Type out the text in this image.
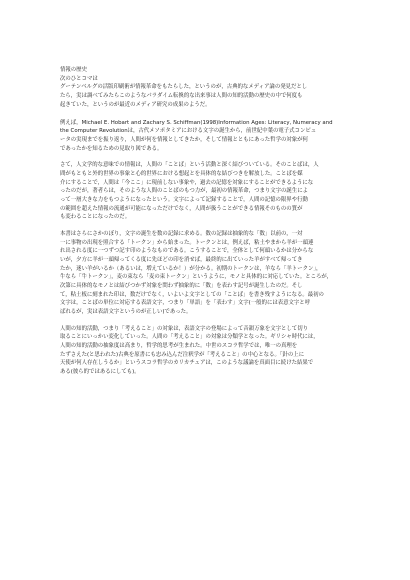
情報の歴史
次のひとコマは
グーテンベルグの活版印刷術が情報革命をもたらした，というのが，古典的なメディア論の発見だとし
たら，実は調べてみたらこのようなパラダイム転換的な出来事は人間の知的活動の歴史の中で何度も
起きていた，というのが最近のメディア研究の成果のようだ。
例えば，Michael E. Hobart and Zachary S. Schiffman(1998)Information Ages: Literacy, Numeracy and
the Computer Revolutionは，古代メソポタミアにおける文字の誕生から，前世紀中葉の電子式コンピュ
ータの実現までを振り返り，人間が何を情報としてきたか，そして情報とともにあった哲学の対象が何
であったかを知るための見取り図である。
さて，人文学的な意味での情報は，人間の「ことば」という活動と深く結びついている。そのことばは，人
間がもともと外的世界の事象と心的世界における想起とを具体的な結びつきを解放した。ことばを媒
介にすることで，人間は「今ここ」に現前しない事象や，過去の記憶を対象にすることができるようにな
ったのだが，著者らは，そのような人間のことばのもつ力が，最初の情報革命，つまり文字の誕生によ
って一層大きな力をもつようになったという。文字によって記録することで，人間の記憶の限界や行動
の範囲を超えた情報の流通が可能になっただけでなく，人間が扱うことができる情報そのものの質が
も変わることになったのだ。
本書はさらにさかのぼり，文字の誕生を数の記録に求める。数の記録は抽象的な「数」以前の，一対
一に事物の出現を照合する「トークン」から始まった。トークンとは，例えば，粘土やまから羊が一頭連
れ出される度に一つずつ記す印のようなものである。こうすることで，全体として何頭いるかは分からな
いが，夕方に羊が一頭帰ってくる度に先ほどの印を消せば，最終的に出ていった羊がすべて帰ってき
たか，迷い羊がいるか（あるいは，増えているか！）が分かる。初期のトークンは，羊なら「羊トークン」，
牛なら「牛トークン」，麦の束なら「麦の束トークン」というように，モノと具体的に対応していた。ところが，
次第に具体的なモノとは結びつかず対象を問わず抽象的に「数」を表わす記号が誕生したのだ。そし
て，粘土板に刻まれた印は，数だけでなく，いよいよ文字としての「ことば」を書き残すようになる。最初の
文字は，ことばの単位に対応する表語文字，つまり「単語」を「表わす」文字(一般的には表意文字と呼
ばれるが，実は表語文字というのが正しい)であった。
人間の知的活動，つまり「考えること」の対象は，表語文字の登場によって音韻万象を文字として切り
取ることにいっかい変化していった。人間の「考えること」の対象は分類学となった。ギリシャ時代には，
人間の知的活動の抽象度は高まり，哲学的思考が生まれた。中世のスコラ哲学では，唯一の真理を
たずさえた(と思われた)古典を原書にも忠み込んだ注釈学が「考えること」の中心となる。「針の上に
天使が何人存在しうるか」というスコラ哲学のカリカチュアは，このような議論を真面目に続けた結果で
ある(彼ら的ではあるにしても)。
